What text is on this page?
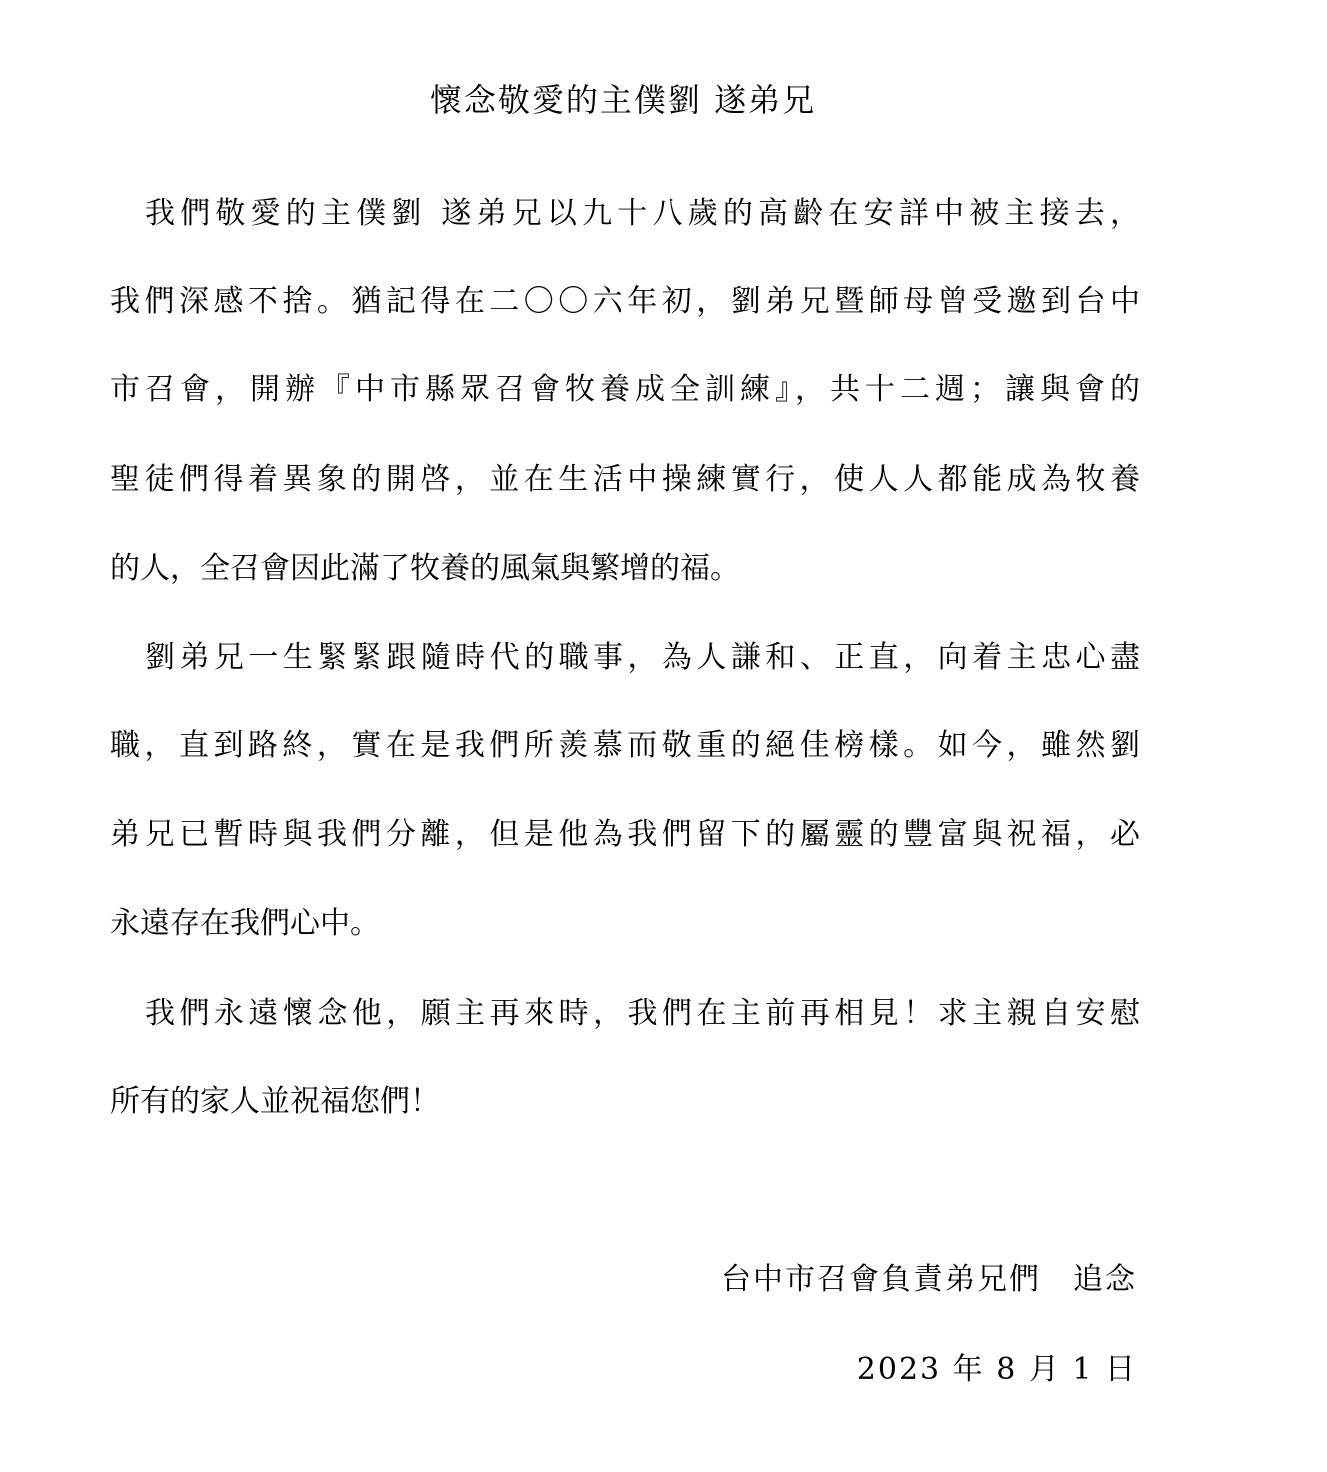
懷念敬愛的主僕劉 遂弟兄
我們敬愛的主僕劉 遂弟兄以九十八歲的高齡在安詳中被主接去，
我們深感不捨。猶記得在二〇〇六年初，劉弟兄暨師母曾受邀到台中
市召會，開辦『中市縣眾召會牧養成全訓練』，共十二週；讓與會的
聖徒們得着異象的開啓，並在生活中操練實行，使人人都能成為牧養
的人，全召會因此滿了牧養的風氣與繁增的福。
劉弟兄一生緊緊跟隨時代的職事，為人謙和、正直，向着主忠心盡
職，直到路終，實在是我們所羨慕而敬重的絕佳榜樣。如今，雖然劉
弟兄已暫時與我們分離，但是他為我們留下的屬靈的豐富與祝福，必
永遠存在我們心中。
我們永遠懷念他，願主再來時，我們在主前再相見！求主親自安慰
所有的家人並祝福您們！
台中市召會負責弟兄們　追念
2023 年 8 月 1 日
